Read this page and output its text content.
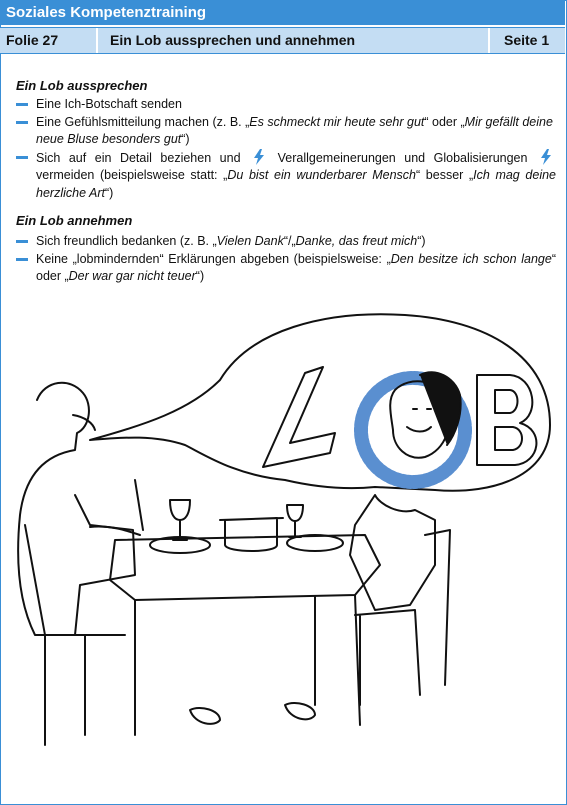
Soziales Kompetenztraining
Folie 27	Ein Lob aussprechen und annehmen	Seite 1
Ein Lob aussprechen
Eine Ich-Botschaft senden
Eine Gefühlsmitteilung machen (z. B. „Es schmeckt mir heute sehr gut“ oder „Mir gefällt deine neue Bluse besonders gut“)
Sich auf ein Detail beziehen und	Verallgemeinerungen und Globalisierungen  vermeiden (beispielsweise statt: „Du bist ein wunderbarer Mensch“ besser „Ich mag deine herzliche Art“)
Ein Lob annehmen
Sich freundlich bedanken (z. B. „Vielen Dank“/„Danke, das freut mich“)
Keine „lobmindernden“ Erklärungen abgeben (beispielsweise: „Den besitze ich schon lange“ oder „Der war gar nicht teuer“)
